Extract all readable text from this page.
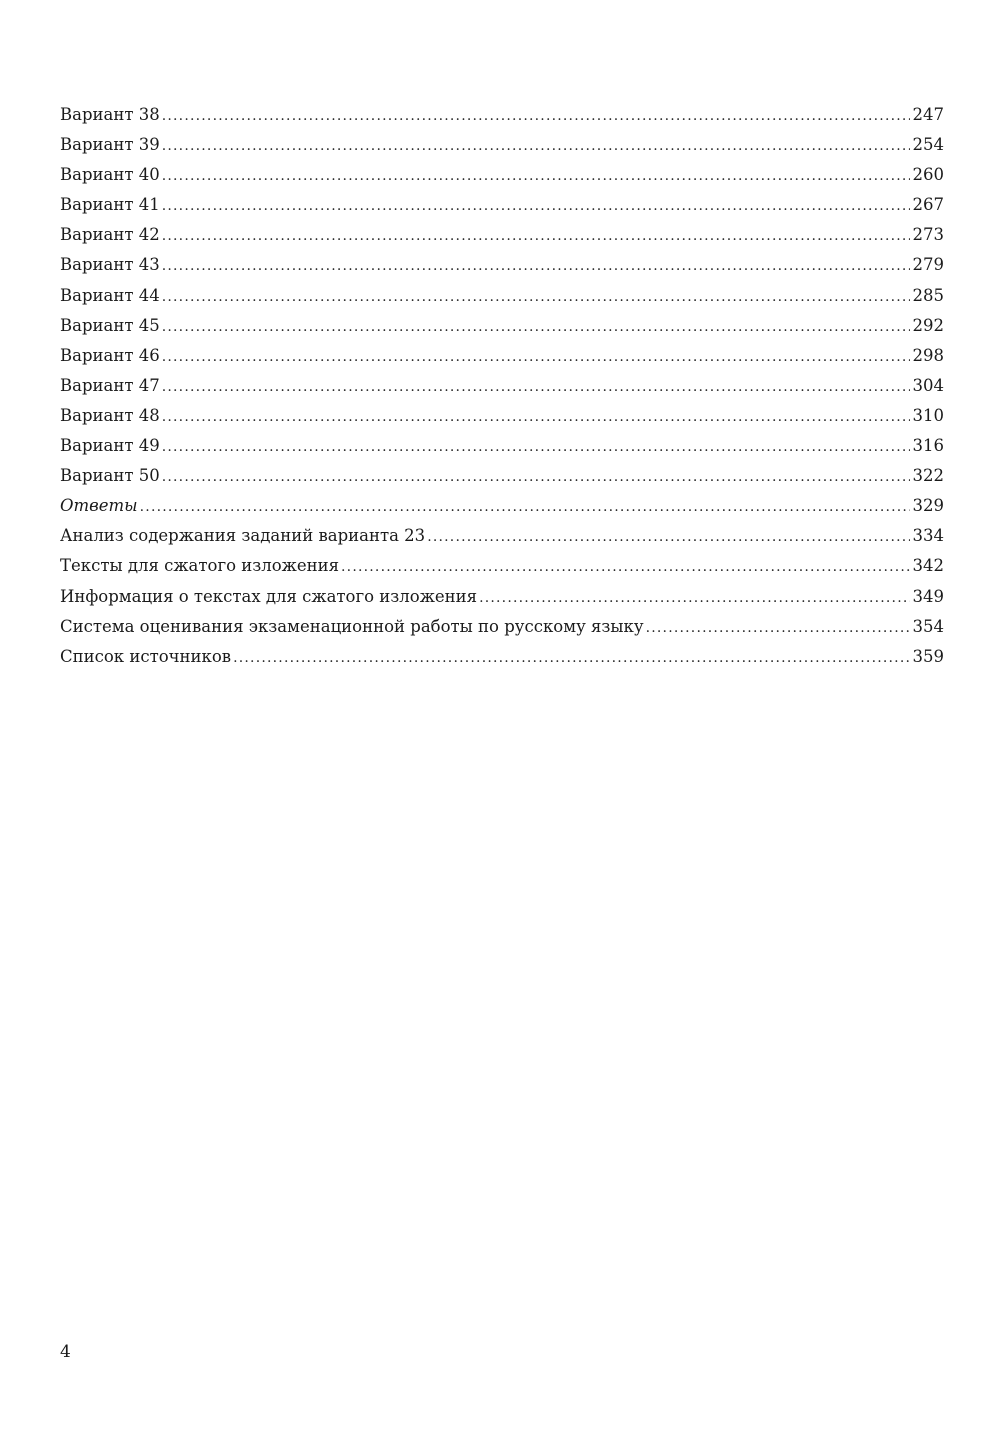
Вариант 38 .....	247
Вариант 39 .....	254
Вариант 40 .....	260
Вариант 41 .....	267
Вариант 42 .....	273
Вариант 43 .....	279
Вариант 44 .....	285
Вариант 45 .....	292
Вариант 46 .....	298
Вариант 47 .....	304
Вариант 48 .....	310
Вариант 49 .....	316
Вариант 50 .....	322
Ответы .....	329
Анализ содержания заданий варианта 23 .....	334
Тексты для сжатого изложения .....	342
Информация о текстах для сжатого изложения .....	349
Система оценивания экзаменационной работы по русскому языку .....	354
Список источников .....	359
4
